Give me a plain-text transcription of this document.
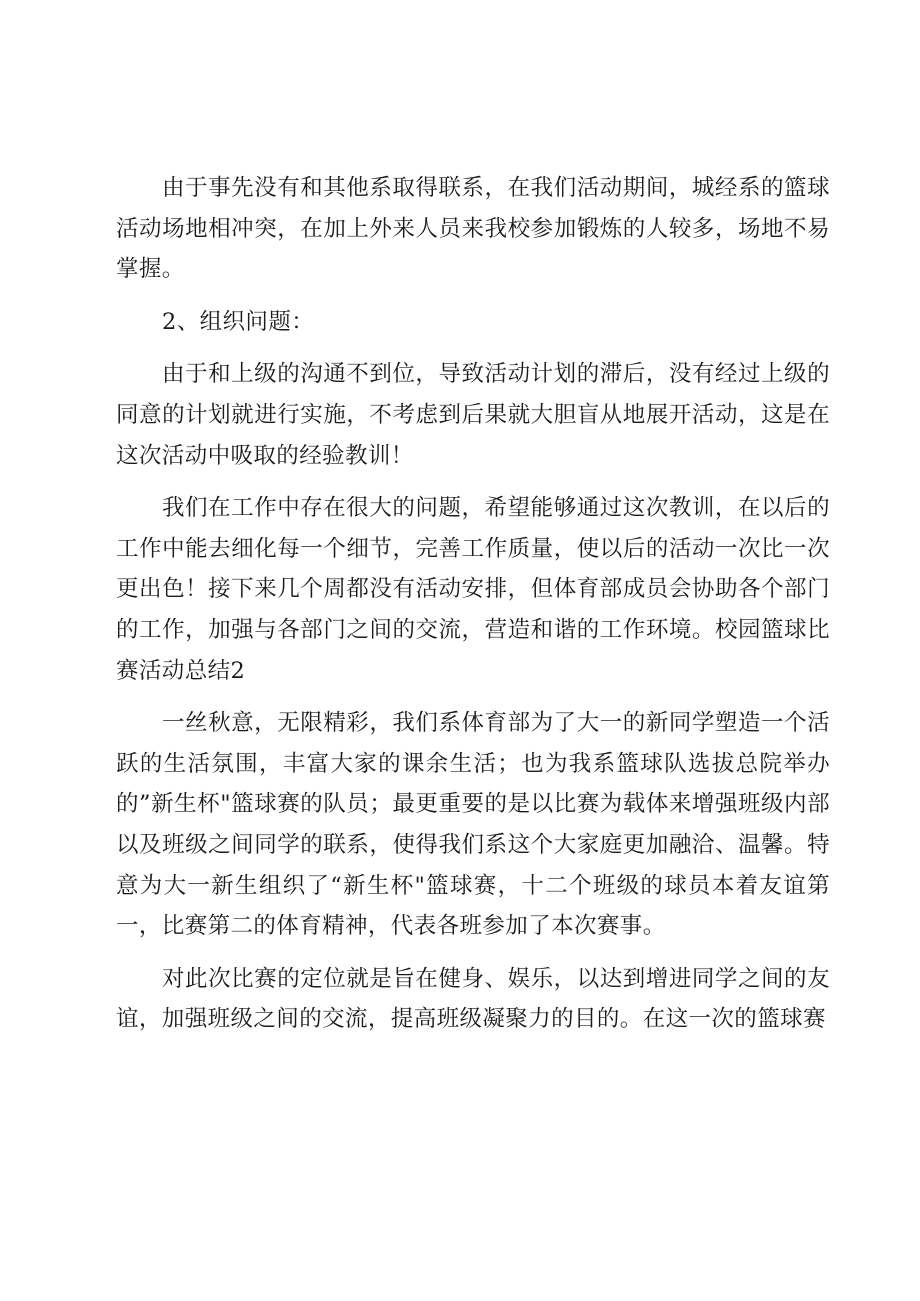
由于事先没有和其他系取得联系，在我们活动期间，城经系的篮球活动场地相冲突，在加上外来人员来我校参加锻炼的人较多，场地不易掌握。

2、组织问题：

由于和上级的沟通不到位，导致活动计划的滞后，没有经过上级的同意的计划就进行实施，不考虑到后果就大胆盲从地展开活动，这是在这次活动中吸取的经验教训！

我们在工作中存在很大的问题，希望能够通过这次教训，在以后的工作中能去细化每一个细节，完善工作质量，使以后的活动一次比一次更出色！接下来几个周都没有活动安排，但体育部成员会协助各个部门的工作，加强与各部门之间的交流，营造和谐的工作环境。校园篮球比赛活动总结2

一丝秋意，无限精彩，我们系体育部为了大一的新同学塑造一个活跃的生活氛围，丰富大家的课余生活；也为我系篮球队选拔总院举办的”新生杯"篮球赛的队员；最更重要的是以比赛为载体来增强班级内部以及班级之间同学的联系，使得我们系这个大家庭更加融洽、温馨。特意为大一新生组织了“新生杯"篮球赛，十二个班级的球员本着友谊第一，比赛第二的体育精神，代表各班参加了本次赛事。

对此次比赛的定位就是旨在健身、娱乐，以达到增进同学之间的友谊，加强班级之间的交流，提高班级凝聚力的目的。在这一次的篮球赛
